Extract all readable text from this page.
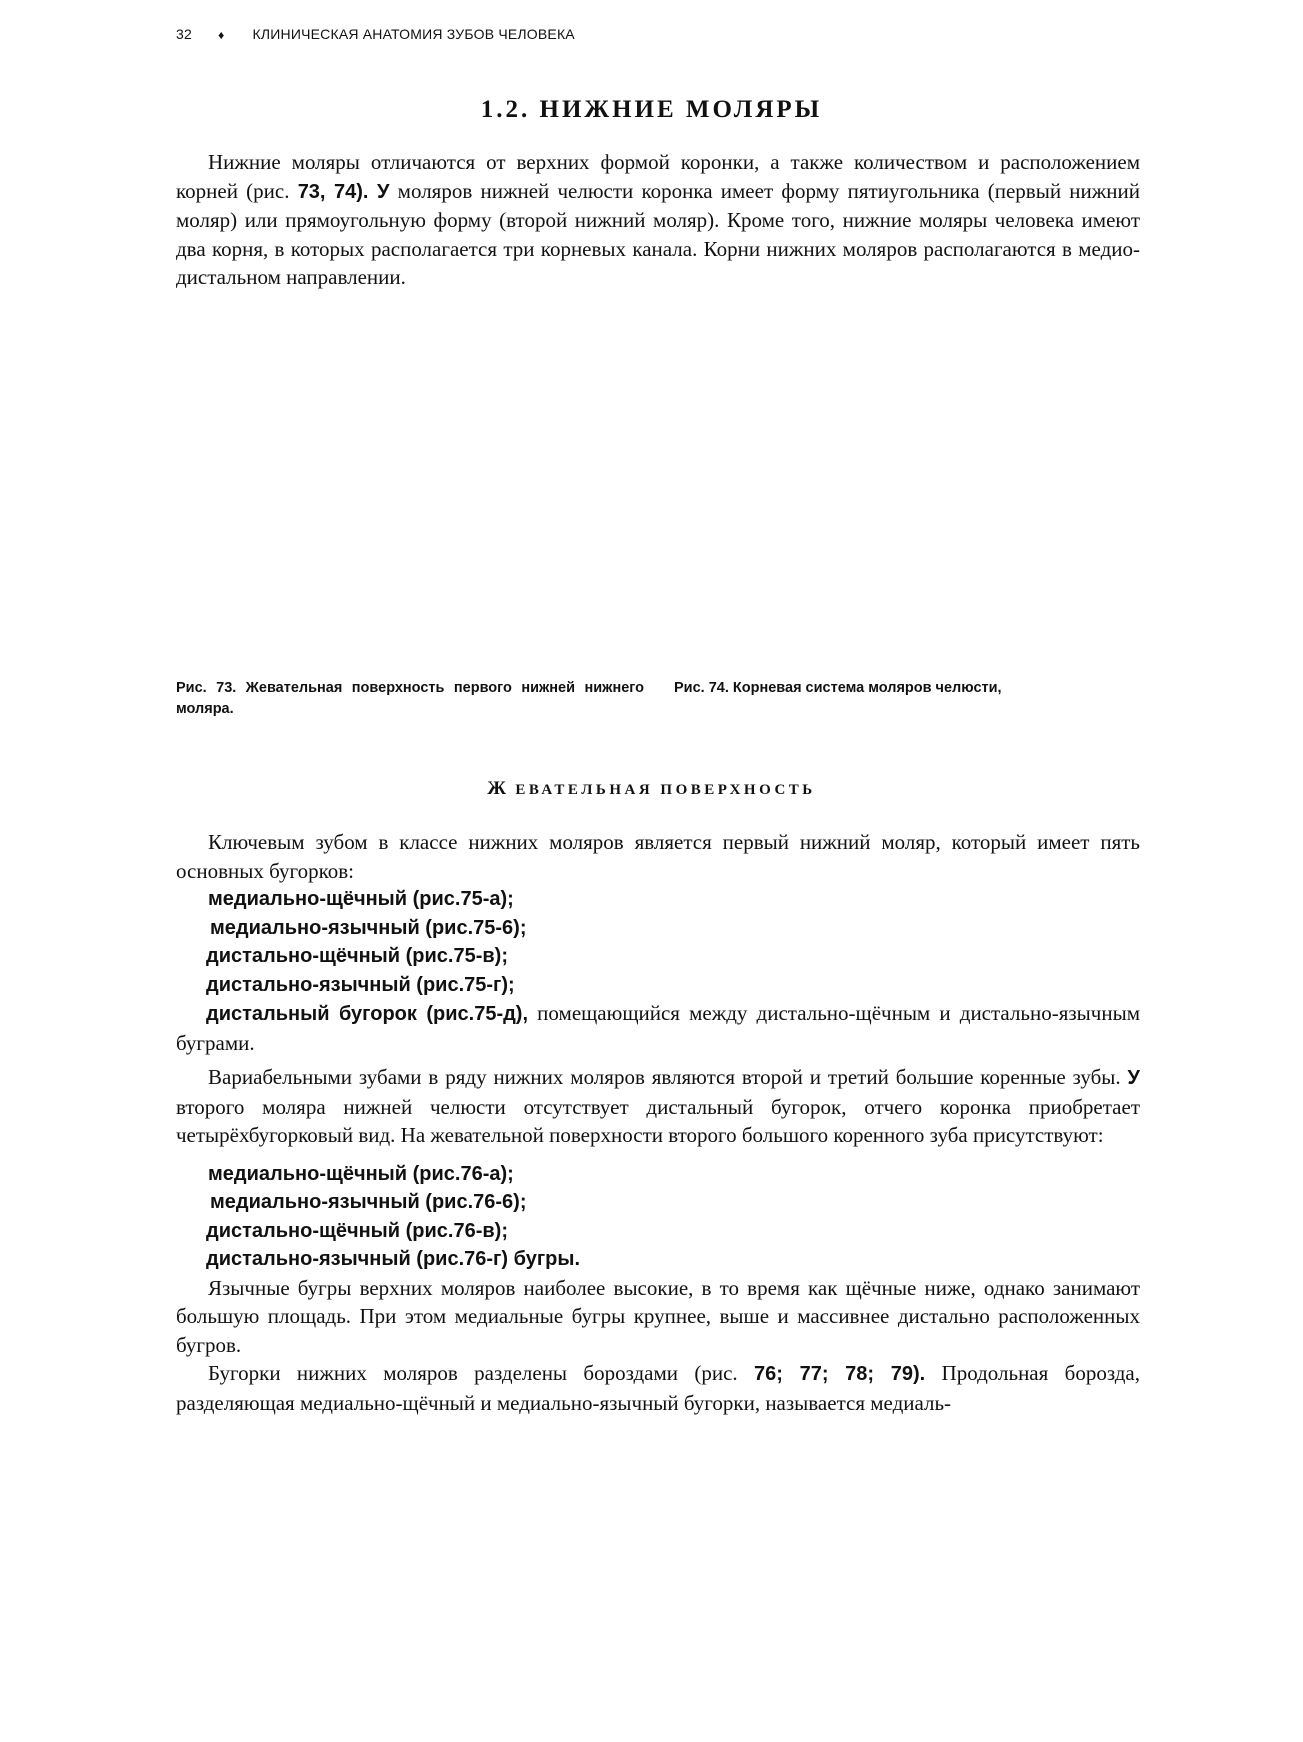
32 ♦ КЛИНИЧЕСКАЯ АНАТОМИЯ ЗУБОВ ЧЕЛОВЕКА
1.2. НИЖНИЕ МОЛЯРЫ

Нижние моляры отличаются от верхних формой коронки, а также количеством и расположением корней (рис. 73, 74). У моляров нижней челюсти коронка имеет форму пятиугольника (первый нижний моляр) или прямоугольную форму (второй нижний моляр). Кроме того, нижние моляры человека имеют два корня, в которых располагается три корневых канала. Корни нижних моляров располагаются в медио-дистальном направлении.

Рис. 73. Жевательная поверхность первого нижней нижнего моляра.
Рис. 74. Корневая система моляров челюсти,
Ж ЕВАТЕЛЬНАЯ ПОВЕРХНОСТЬ

Ключевым зубом в классе нижних моляров является первый нижний моляр, который имеет пять основных бугорков:

медиально-щёчный (рис.75-а);
медиально-язычный (рис.75-6);
дистально-щёчный (рис.75-в);
дистально-язычный (рис.75-г);

дистальный бугорок (рис.75-д), помещающийся между дистально-щёчным и дистально-язычным буграми.

Вариабельными зубами в ряду нижних моляров являются второй и третий большие коренные зубы. У второго моляра нижней челюсти отсутствует дистальный бугорок, отчего коронка приобретает четырёхбугорковый вид. На жевательной поверхности второго большого коренного зуба присутствуют:

медиально-щёчный (рис.76-а);
медиально-язычный (рис.76-6);
дистально-щёчный (рис.76-в);
дистально-язычный (рис.76-г) бугры.

Язычные бугры верхних моляров наиболее высокие, в то время как щёчные ниже, однако занимают большую площадь. При этом медиальные бугры крупнее, выше и массивнее дистально расположенных бугров.

Бугорки нижних моляров разделены бороздами (рис. 76; 77; 78; 79). Продольная борозда, разделяющая медиально-щёчный и медиально-язычный бугорки, называется медиаль-
